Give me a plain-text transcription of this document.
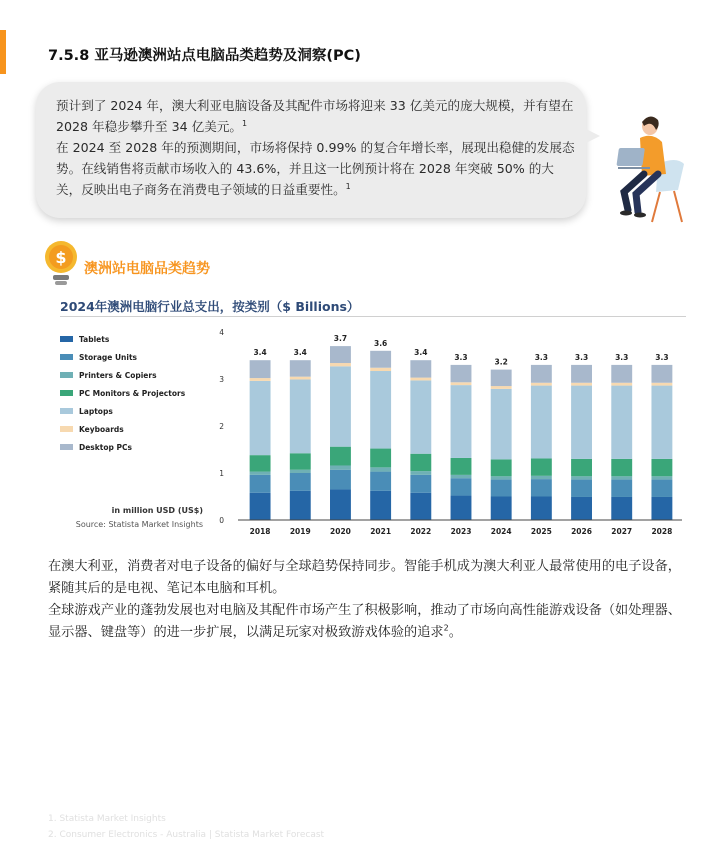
7.5.8 亚马逊澳洲站点电脑品类趋势及洞察(PC)

预计到了 2024 年，澳大利亚电脑设备及其配件市场将迎来 33 亿美元的庞大规模，并有望在 2028 年稳步攀升至 34 亿美元。$^1$

在 2024 至 2028 年的预测期间，市场将保持 0.99% 的复合年增长率，展现出稳健的发展态势。在线销售将贡献市场收入的 43.6%，并且这一比例预计将在 2028 年突破 50% 的大关，反映出电子商务在消费电子领域的日益重要性。$^1$

$
澳洲站电脑品类趋势
2024年澳洲电脑行业总支出，按类别（$ Billions）
Tablets
Storage Units
Printers & Copiers
PC Monitors & Projectors
Laptops
Keyboards
Desktop PCs
in million USD (US$)
Source: Statista Market Insights 0
1
2
3
4
3.4
2018
3.4
2019
3.7
2020
3.6
2021
3.4
2022
3.3
2023
3.2
2024
3.3
2025
3.3
2026
3.3
2027
3.3
2028

在澳大利亚，消费者对电子设备的偏好与全球趋势保持同步。智能手机成为澳大利亚人最常使用的电子设备，紧随其后的是电视、笔记本电脑和耳机。

全球游戏产业的蓬勃发展也对电脑及其配件市场产生了积极影响，推动了市场向高性能游戏设备（如处理器、显示器、键盘等）的进一步扩展，以满足玩家对极致游戏体验的追求$^2$。

1. Statista Market Insights
2. Consumer Electronics - Australia | Statista Market Forecast
